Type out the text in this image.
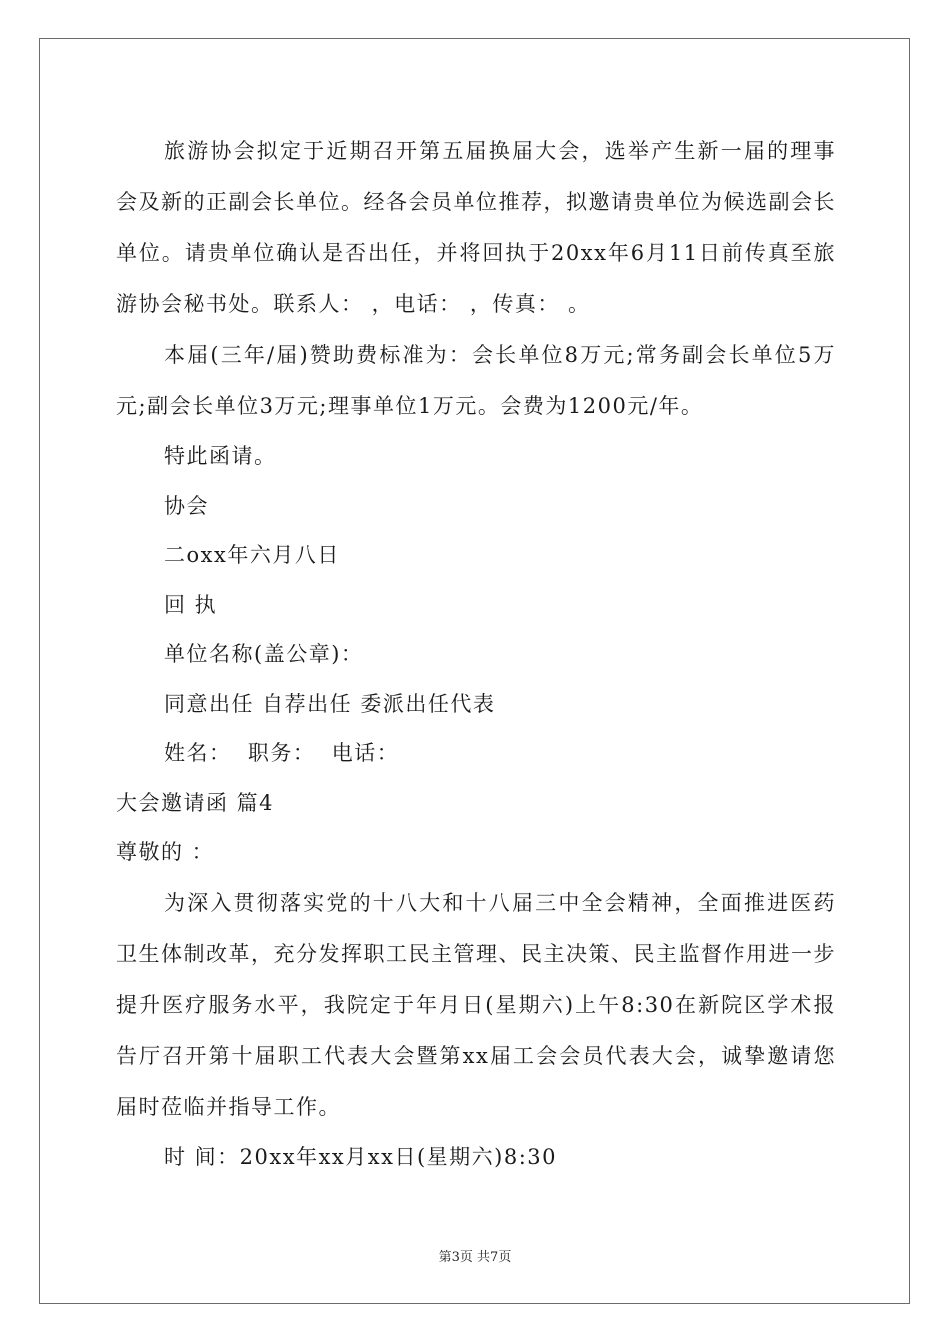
旅游协会拟定于近期召开第五届换届大会，选举产生新一届的理事会及新的正副会长单位。经各会员单位推荐，拟邀请贵单位为候选副会长单位。请贵单位确认是否出任，并将回执于20xx年6月11日前传真至旅游协会秘书处。联系人： ，电话： ，传真： 。

本届(三年/届)赞助费标准为：会长单位8万元;常务副会长单位5万元;副会长单位3万元;理事单位1万元。会费为1200元/年。

特此函请。

协会

二oxx年六月八日

回 执

单位名称(盖公章)：

同意出任 自荐出任 委派出任代表

姓名：  职务：  电话：

大会邀请函 篇4

尊敬的 ：

为深入贯彻落实党的十八大和十八届三中全会精神，全面推进医药卫生体制改革，充分发挥职工民主管理、民主决策、民主监督作用进一步提升医疗服务水平，我院定于年月日(星期六)上午8:30在新院区学术报告厅召开第十届职工代表大会暨第xx届工会会员代表大会，诚挚邀请您届时莅临并指导工作。

时 间：20xx年xx月xx日(星期六)8:30

第3页 共7页
